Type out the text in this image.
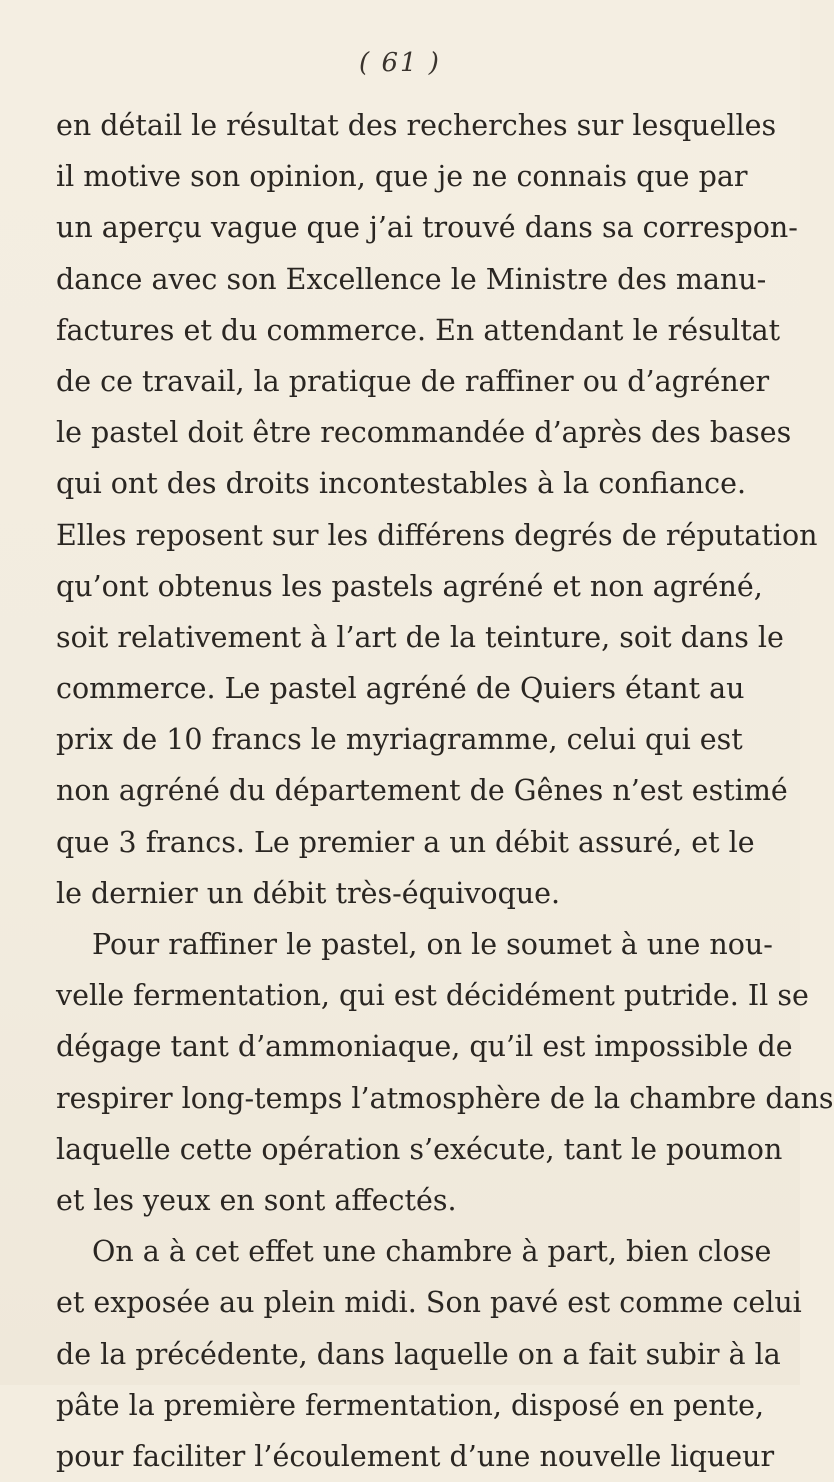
( 61 )
en détail le résultat des recherches sur lesquelles
il motive son opinion, que je ne connais que par
un aperçu vague que j’ai trouvé dans sa correspon-
dance avec son Excellence le Ministre des manu-
factures et du commerce. En attendant le résultat
de ce travail, la pratique de raffiner ou d’agréner
le pastel doit être recommandée d’après des bases
qui ont des droits incontestables à la confiance.
Elles reposent sur les différens degrés de réputation
qu’ont obtenus les pastels agréné et non agréné,
soit relativement à l’art de la teinture, soit dans le
commerce. Le pastel agréné de Quiers étant au
prix de 10 francs le myriagramme, celui qui est
non agréné du département de Gênes n’est estimé
que 3 francs. Le premier a un débit assuré, et le
le dernier un débit très-équivoque.
Pour raffiner le pastel, on le soumet à une nou-
velle fermentation, qui est décidément putride. Il se
dégage tant d’ammoniaque, qu’il est impossible de
respirer long-temps l’atmosphère de la chambre dans
laquelle cette opération s’exécute, tant le poumon
et les yeux en sont affectés.
On a à cet effet une chambre à part, bien close
et exposée au plein midi. Son pavé est comme celui
de la précédente, dans laquelle on a fait subir à la
pâte la première fermentation, disposé en pente,
pour faciliter l’écoulement d’une nouvelle liqueur
